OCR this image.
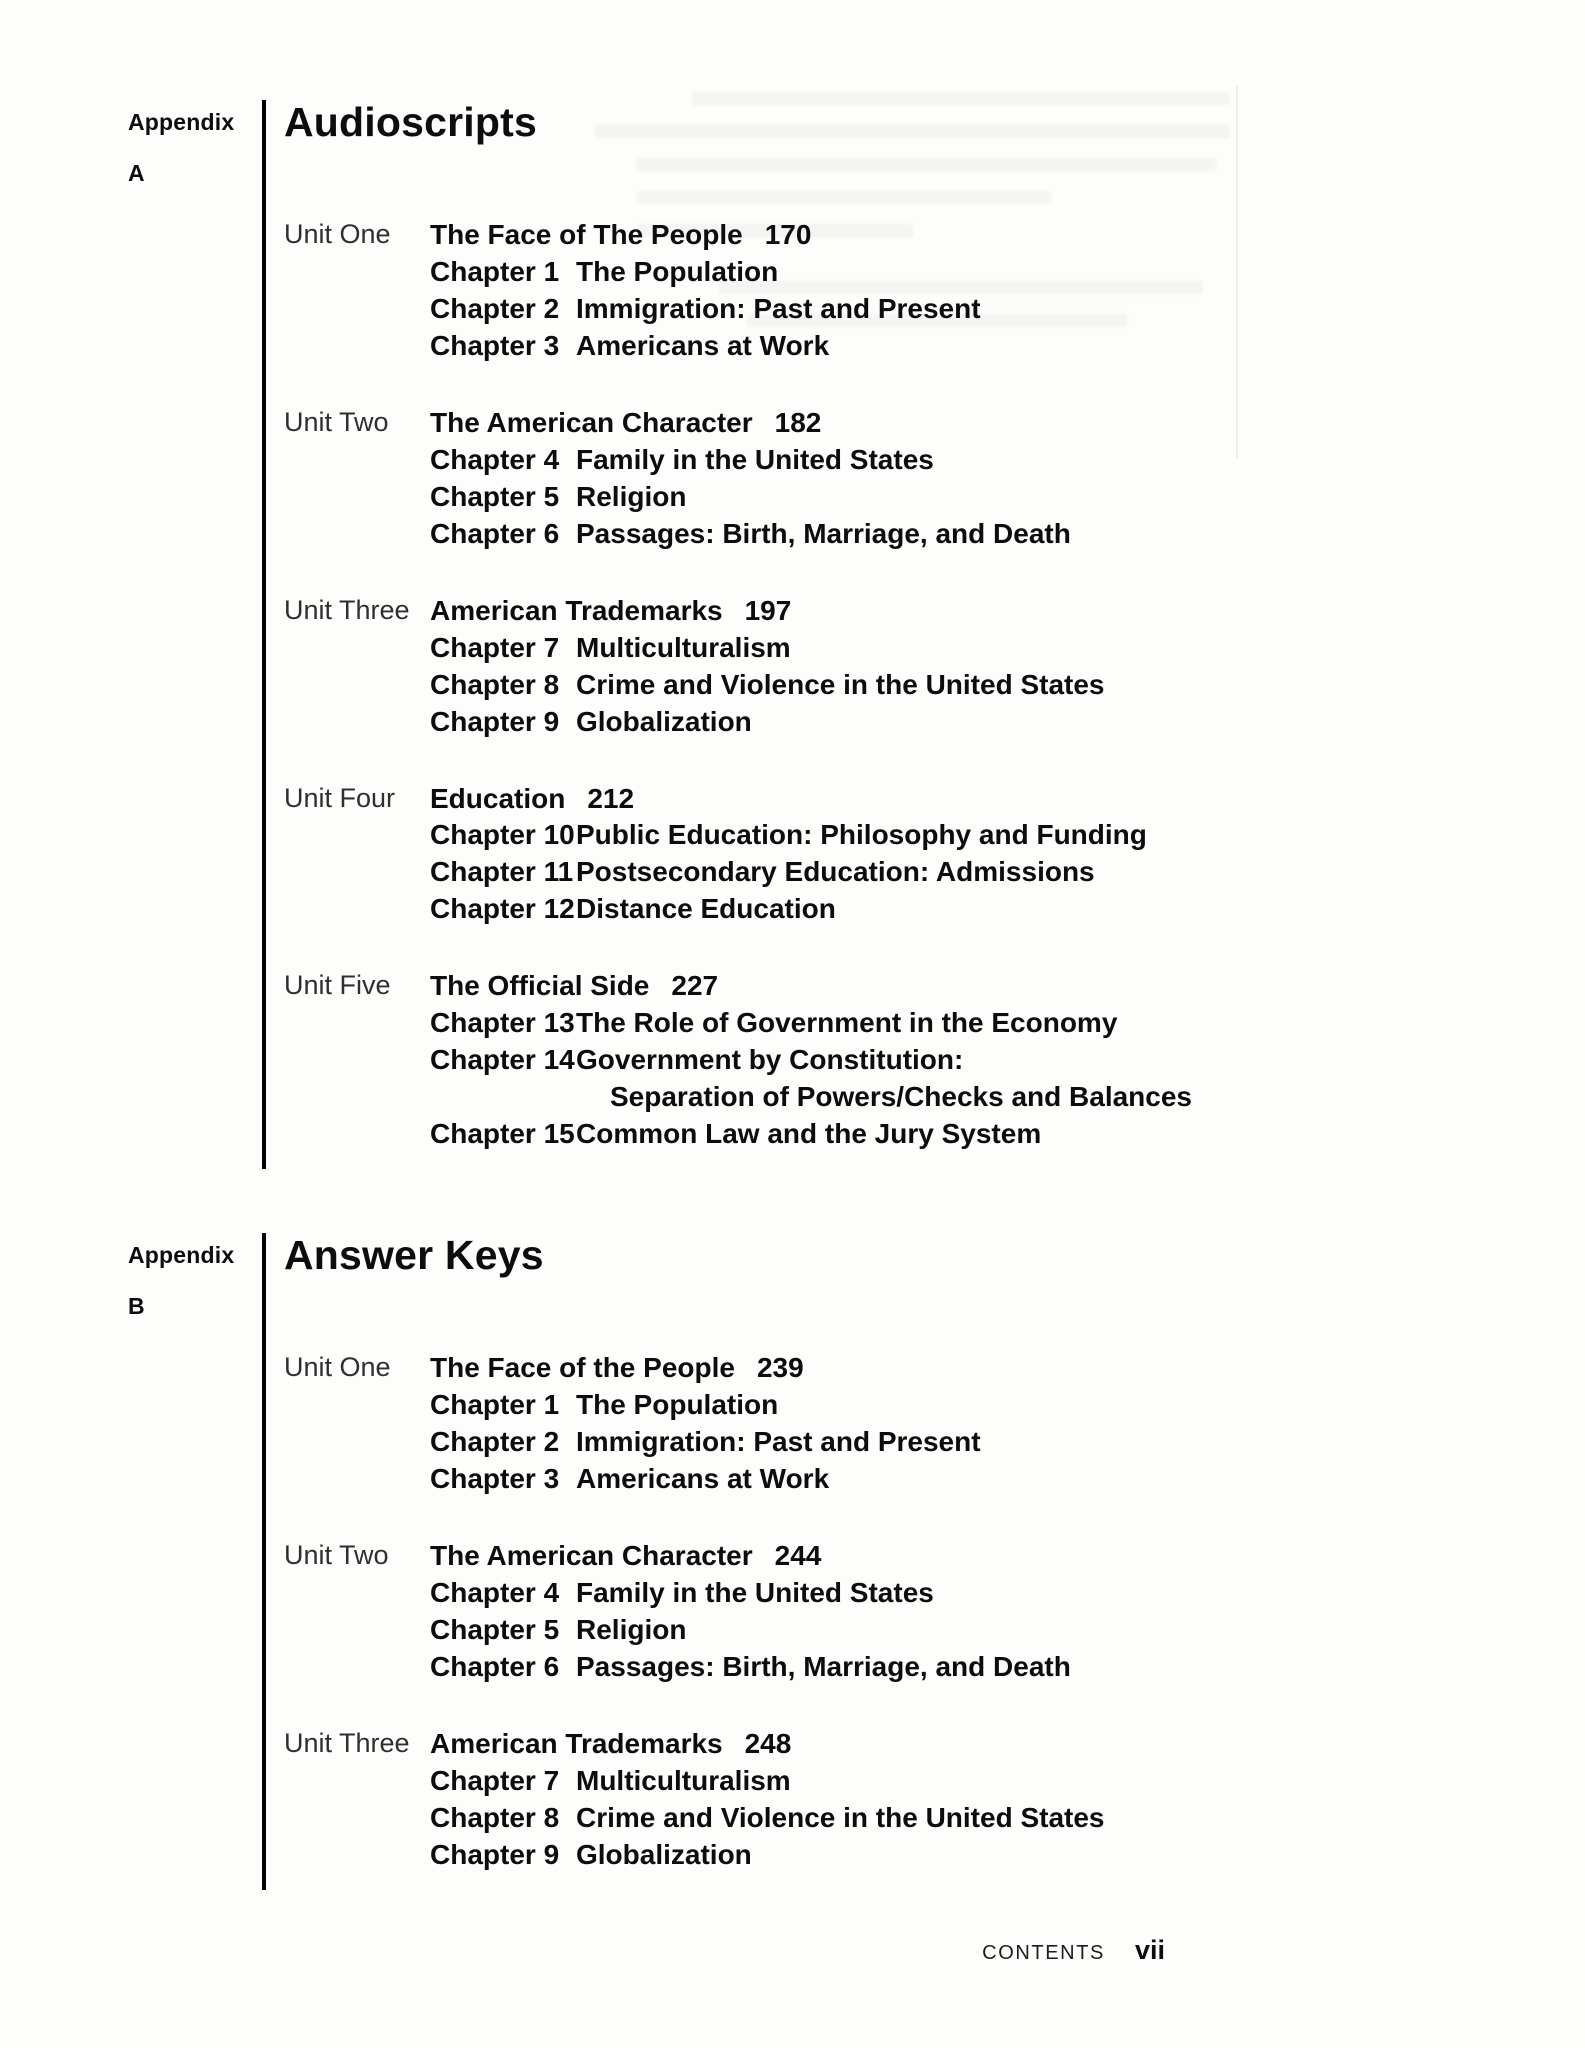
Appendix
A
Audioscripts
Unit One	The Face of The People 170
Chapter 1 The Population
Chapter 2 Immigration: Past and Present
Chapter 3 Americans at Work
Unit Two	The American Character 182
Chapter 4 Family in the United States
Chapter 5 Religion
Chapter 6 Passages: Birth, Marriage, and Death
Unit Three American Trademarks 197
Chapter 7 Multiculturalism
Chapter 8 Crime and Violence in the United States
Chapter 9 Globalization
Unit Four	Education 212
Chapter 10 Public Education: Philosophy and Funding
Chapter 11 Postsecondary Education: Admissions
Chapter 12 Distance Education
Unit Five	The Official Side 227
Chapter 13 The Role of Government in the Economy
Chapter 14 Government by Constitution:
Separation of Powers/Checks and Balances
Chapter 15 Common Law and the Jury System
Appendix
B
Answer Keys
Unit One	The Face of the People 239
Chapter 1 The Population
Chapter 2 Immigration: Past and Present
Chapter 3 Americans at Work
Unit Two	The American Character 244
Chapter 4 Family in the United States
Chapter 5 Religion
Chapter 6 Passages: Birth, Marriage, and Death
Unit Three American Trademarks 248
Chapter 7 Multiculturalism
Chapter 8 Crime and Violence in the United States
Chapter 9 Globalization
CONTENTS vii
